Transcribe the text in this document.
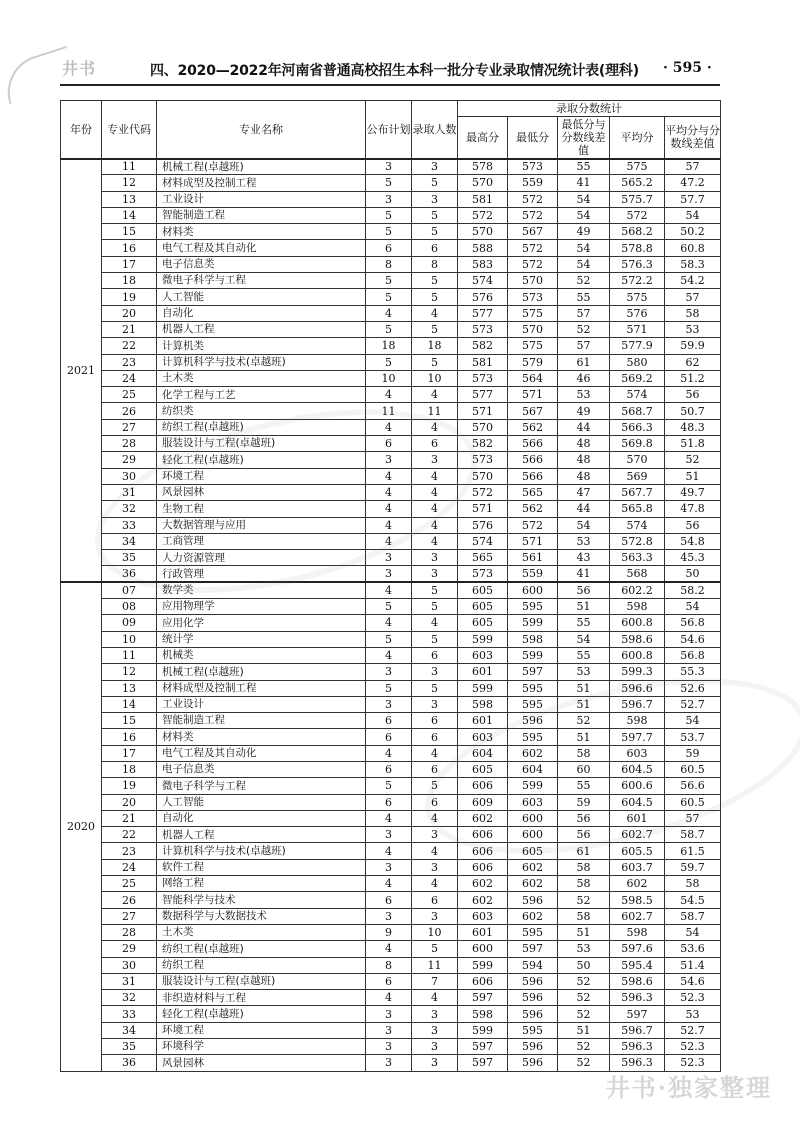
井书	四、2020—2022年河南省普通高校招生本科一批分专业录取情况统计表(理科) · 595 ·
年份	专业代码	专业名称	公布计划	录取人数	录取分数统计				
					最高分	最低分	最低分与分数线差值	平均分	平均分与分数线差值
2021	11	机械工程(卓越班)	3	3	578	573	55	575	57
	12	材料成型及控制工程	5	5	570	559	41	565.2	47.2
	13	工业设计	3	3	581	572	54	575.7	57.7
	14	智能制造工程	5	5	572	572	54	572	54
	15	材料类	5	5	570	567	49	568.2	50.2
	16	电气工程及其自动化	6	6	588	572	54	578.8	60.8
	17	电子信息类	8	8	583	572	54	576.3	58.3
	18	微电子科学与工程	5	5	574	570	52	572.2	54.2
	19	人工智能	5	5	576	573	55	575	57
	20	自动化	4	4	577	575	57	576	58
	21	机器人工程	5	5	573	570	52	571	53
	22	计算机类	18	18	582	575	57	577.9	59.9
	23	计算机科学与技术(卓越班)	5	5	581	579	61	580	62
	24	土木类	10	10	573	564	46	569.2	51.2
	25	化学工程与工艺	4	4	577	571	53	574	56
	26	纺织类	11	11	571	567	49	568.7	50.7
	27	纺织工程(卓越班)	4	4	570	562	44	566.3	48.3
	28	服装设计与工程(卓越班)	6	6	582	566	48	569.8	51.8
	29	轻化工程(卓越班)	3	3	573	566	48	570	52
	30	环境工程	4	4	570	566	48	569	51
	31	风景园林	4	4	572	565	47	567.7	49.7
	32	生物工程	4	4	571	562	44	565.8	47.8
	33	大数据管理与应用	4	4	576	572	54	574	56
	34	工商管理	4	4	574	571	53	572.8	54.8
	35	人力资源管理	3	3	565	561	43	563.3	45.3
	36	行政管理	3	3	573	559	41	568	50
2020	07	数学类	4	5	605	600	56	602.2	58.2
	08	应用物理学	5	5	605	595	51	598	54
	09	应用化学	4	4	605	599	55	600.8	56.8
	10	统计学	5	5	599	598	54	598.6	54.6
	11	机械类	4	6	603	599	55	600.8	56.8
	12	机械工程(卓越班)	3	3	601	597	53	599.3	55.3
	13	材料成型及控制工程	5	5	599	595	51	596.6	52.6
	14	工业设计	3	3	598	595	51	596.7	52.7
	15	智能制造工程	6	6	601	596	52	598	54
	16	材料类	6	6	603	595	51	597.7	53.7
	17	电气工程及其自动化	4	4	604	602	58	603	59
	18	电子信息类	6	6	605	604	60	604.5	60.5
	19	微电子科学与工程	5	5	606	599	55	600.6	56.6
	20	人工智能	6	6	609	603	59	604.5	60.5
	21	自动化	4	4	602	600	56	601	57
	22	机器人工程	3	3	606	600	56	602.7	58.7
	23	计算机科学与技术(卓越班)	4	4	606	605	61	605.5	61.5
	24	软件工程	3	3	606	602	58	603.7	59.7
	25	网络工程	4	4	602	602	58	602	58
	26	智能科学与技术	6	6	602	596	52	598.5	54.5
	27	数据科学与大数据技术	3	3	603	602	58	602.7	58.7
	28	土木类	9	10	601	595	51	598	54
	29	纺织工程(卓越班)	4	5	600	597	53	597.6	53.6
	30	纺织工程	8	11	599	594	50	595.4	51.4
	31	服装设计与工程(卓越班)	6	7	606	596	52	598.6	54.6
	32	非织造材料与工程	4	4	597	596	52	596.3	52.3
	33	轻化工程(卓越班)	3	3	598	596	52	597	53
	34	环境工程	3	3	599	595	51	596.7	52.7
	35	环境科学	3	3	597	596	52	596.3	52.3
	36	风景园林	3	3	597	596	52	596.3	52.3
井书·独家整理
